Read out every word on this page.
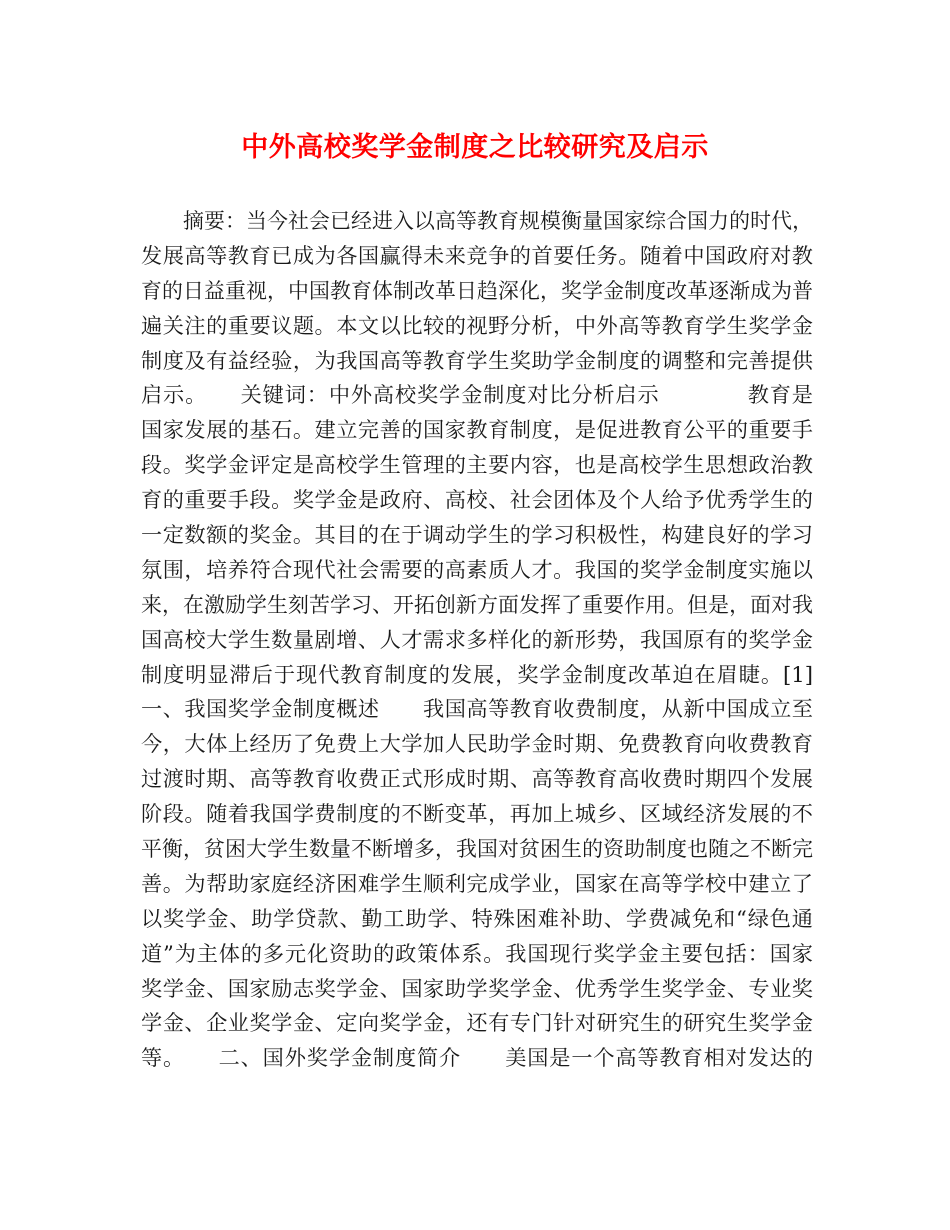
中外高校奖学金制度之比较研究及启示
　　摘要：当今社会已经进入以高等教育规模衡量国家综合国力的时代，
发展高等教育已成为各国赢得未来竞争的首要任务。随着中国政府对教
育的日益重视，中国教育体制改革日趋深化，奖学金制度改革逐渐成为普
遍关注的重要议题。本文以比较的视野分析，中外高等教育学生奖学金
制度及有益经验，为我国高等教育学生奖助学金制度的调整和完善提供
启示。　　关键词：中外高校奖学金制度对比分析启示　　　　教育是
国家发展的基石。建立完善的国家教育制度，是促进教育公平的重要手
段。奖学金评定是高校学生管理的主要内容，也是高校学生思想政治教
育的重要手段。奖学金是政府、高校、社会团体及个人给予优秀学生的
一定数额的奖金。其目的在于调动学生的学习积极性，构建良好的学习
氛围，培养符合现代社会需要的高素质人才。我国的奖学金制度实施以
来，在激励学生刻苦学习、开拓创新方面发挥了重要作用。但是，面对我
国高校大学生数量剧增、人才需求多样化的新形势，我国原有的奖学金
制度明显滞后于现代教育制度的发展，奖学金制度改革迫在眉睫。[1]
一、我国奖学金制度概述　　我国高等教育收费制度，从新中国成立至
今，大体上经历了免费上大学加人民助学金时期、免费教育向收费教育
过渡时期、高等教育收费正式形成时期、高等教育高收费时期四个发展
阶段。随着我国学费制度的不断变革，再加上城乡、区域经济发展的不
平衡，贫困大学生数量不断增多，我国对贫困生的资助制度也随之不断完
善。为帮助家庭经济困难学生顺利完成学业，国家在高等学校中建立了
以奖学金、助学贷款、勤工助学、特殊困难补助、学费减免和“绿色通
道”为主体的多元化资助的政策体系。我国现行奖学金主要包括：国家
奖学金、国家励志奖学金、国家助学奖学金、优秀学生奖学金、专业奖
学金、企业奖学金、定向奖学金，还有专门针对研究生的研究生奖学金
等。　　二、国外奖学金制度简介　　美国是一个高等教育相对发达的
